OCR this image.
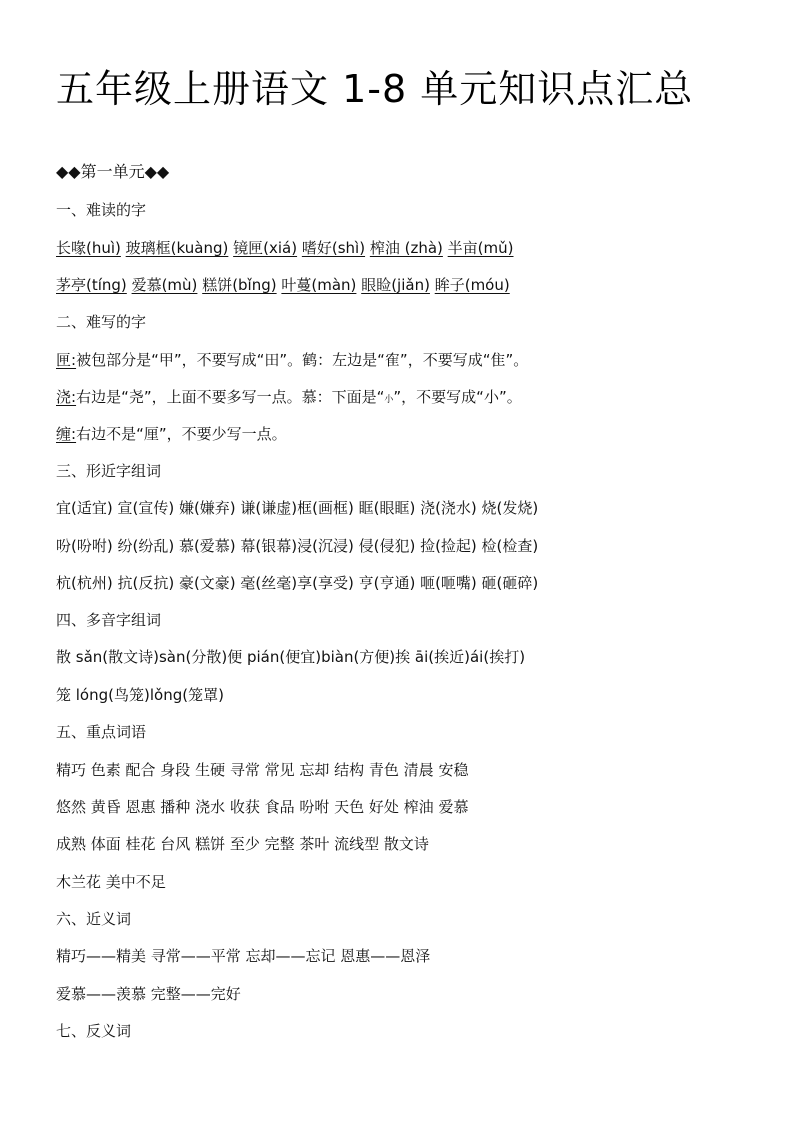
五年级上册语文 1-8 单元知识点汇总
◆◆第一单元◆◆
一、难读的字
长喙(huì) 玻璃框(kuàng) 镜匣(xiá) 嗜好(shì) 榨油 (zhà) 半亩(mǔ)
茅亭(tíng) 爱慕(mù) 糕饼(bǐng) 叶蔓(màn) 眼睑(jiǎn) 眸子(móu)
二、难写的字
匣:被包部分是“甲”，不要写成“田”。鹤：左边是“隺”，不要写成“隹”。
浇:右边是“尧”，上面不要多写一点。慕：下面是“小”，不要写成“小”。
缠:右边不是“厘”，不要少写一点。
三、形近字组词
宜(适宜) 宣(宣传) 嫌(嫌弃) 谦(谦虚)框(画框) 眶(眼眶) 浇(浇水) 烧(发烧)
吩(吩咐) 纷(纷乱) 慕(爱慕) 幕(银幕)浸(沉浸) 侵(侵犯) 捡(捡起) 检(检查)
杭(杭州) 抗(反抗) 豪(文豪) 毫(丝毫)享(享受) 亨(亨通) 咂(咂嘴) 砸(砸碎)
四、多音字组词
散 sǎn(散文诗)sàn(分散)便 pián(便宜)biàn(方便)挨 āi(挨近)ái(挨打)
笼 lóng(鸟笼)lǒng(笼罩)
五、重点词语
精巧 色素 配合 身段 生硬 寻常 常见 忘却 结构 青色 清晨 安稳
悠然 黄昏 恩惠 播种 浇水 收获 食品 吩咐 天色 好处 榨油 爱慕
成熟 体面 桂花 台风 糕饼 至少 完整 茶叶 流线型 散文诗
木兰花 美中不足
六、近义词
精巧——精美 寻常——平常 忘却——忘记 恩惠——恩泽
爱慕——羡慕 完整——完好
七、反义词
